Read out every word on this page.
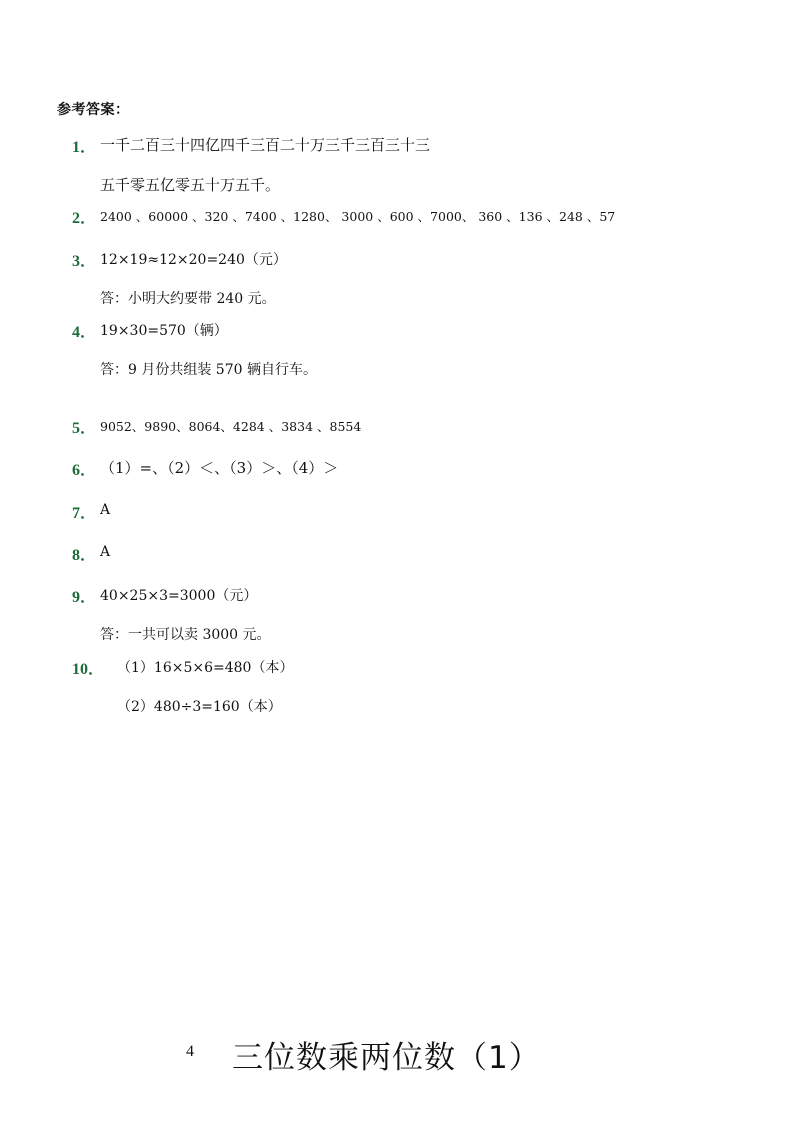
参考答案：
1． 一千二百三十四亿四千三百二十万三千三百三十三
五千零五亿零五十万五千。
2． 2400 、60000 、320 、7400 、1280、 3000 、600 、7000、 360 、136 、248 、57
3． 12×19≈12×20=240（元）
答：小明大约要带 240 元。
4． 19×30=570（辆）
答：9 月份共组装 570 辆自行车。
5． 9052、9890、8064、4284 、3834 、8554
6． （1）=、（2）＜、（3）＞、（4）＞
7． A
8． A
9． 40×25×3=3000（元）
答：一共可以卖 3000 元。
10． （1）16×5×6=480（本）
（2）480÷3=160（本）
4 三位数乘两位数（1）
